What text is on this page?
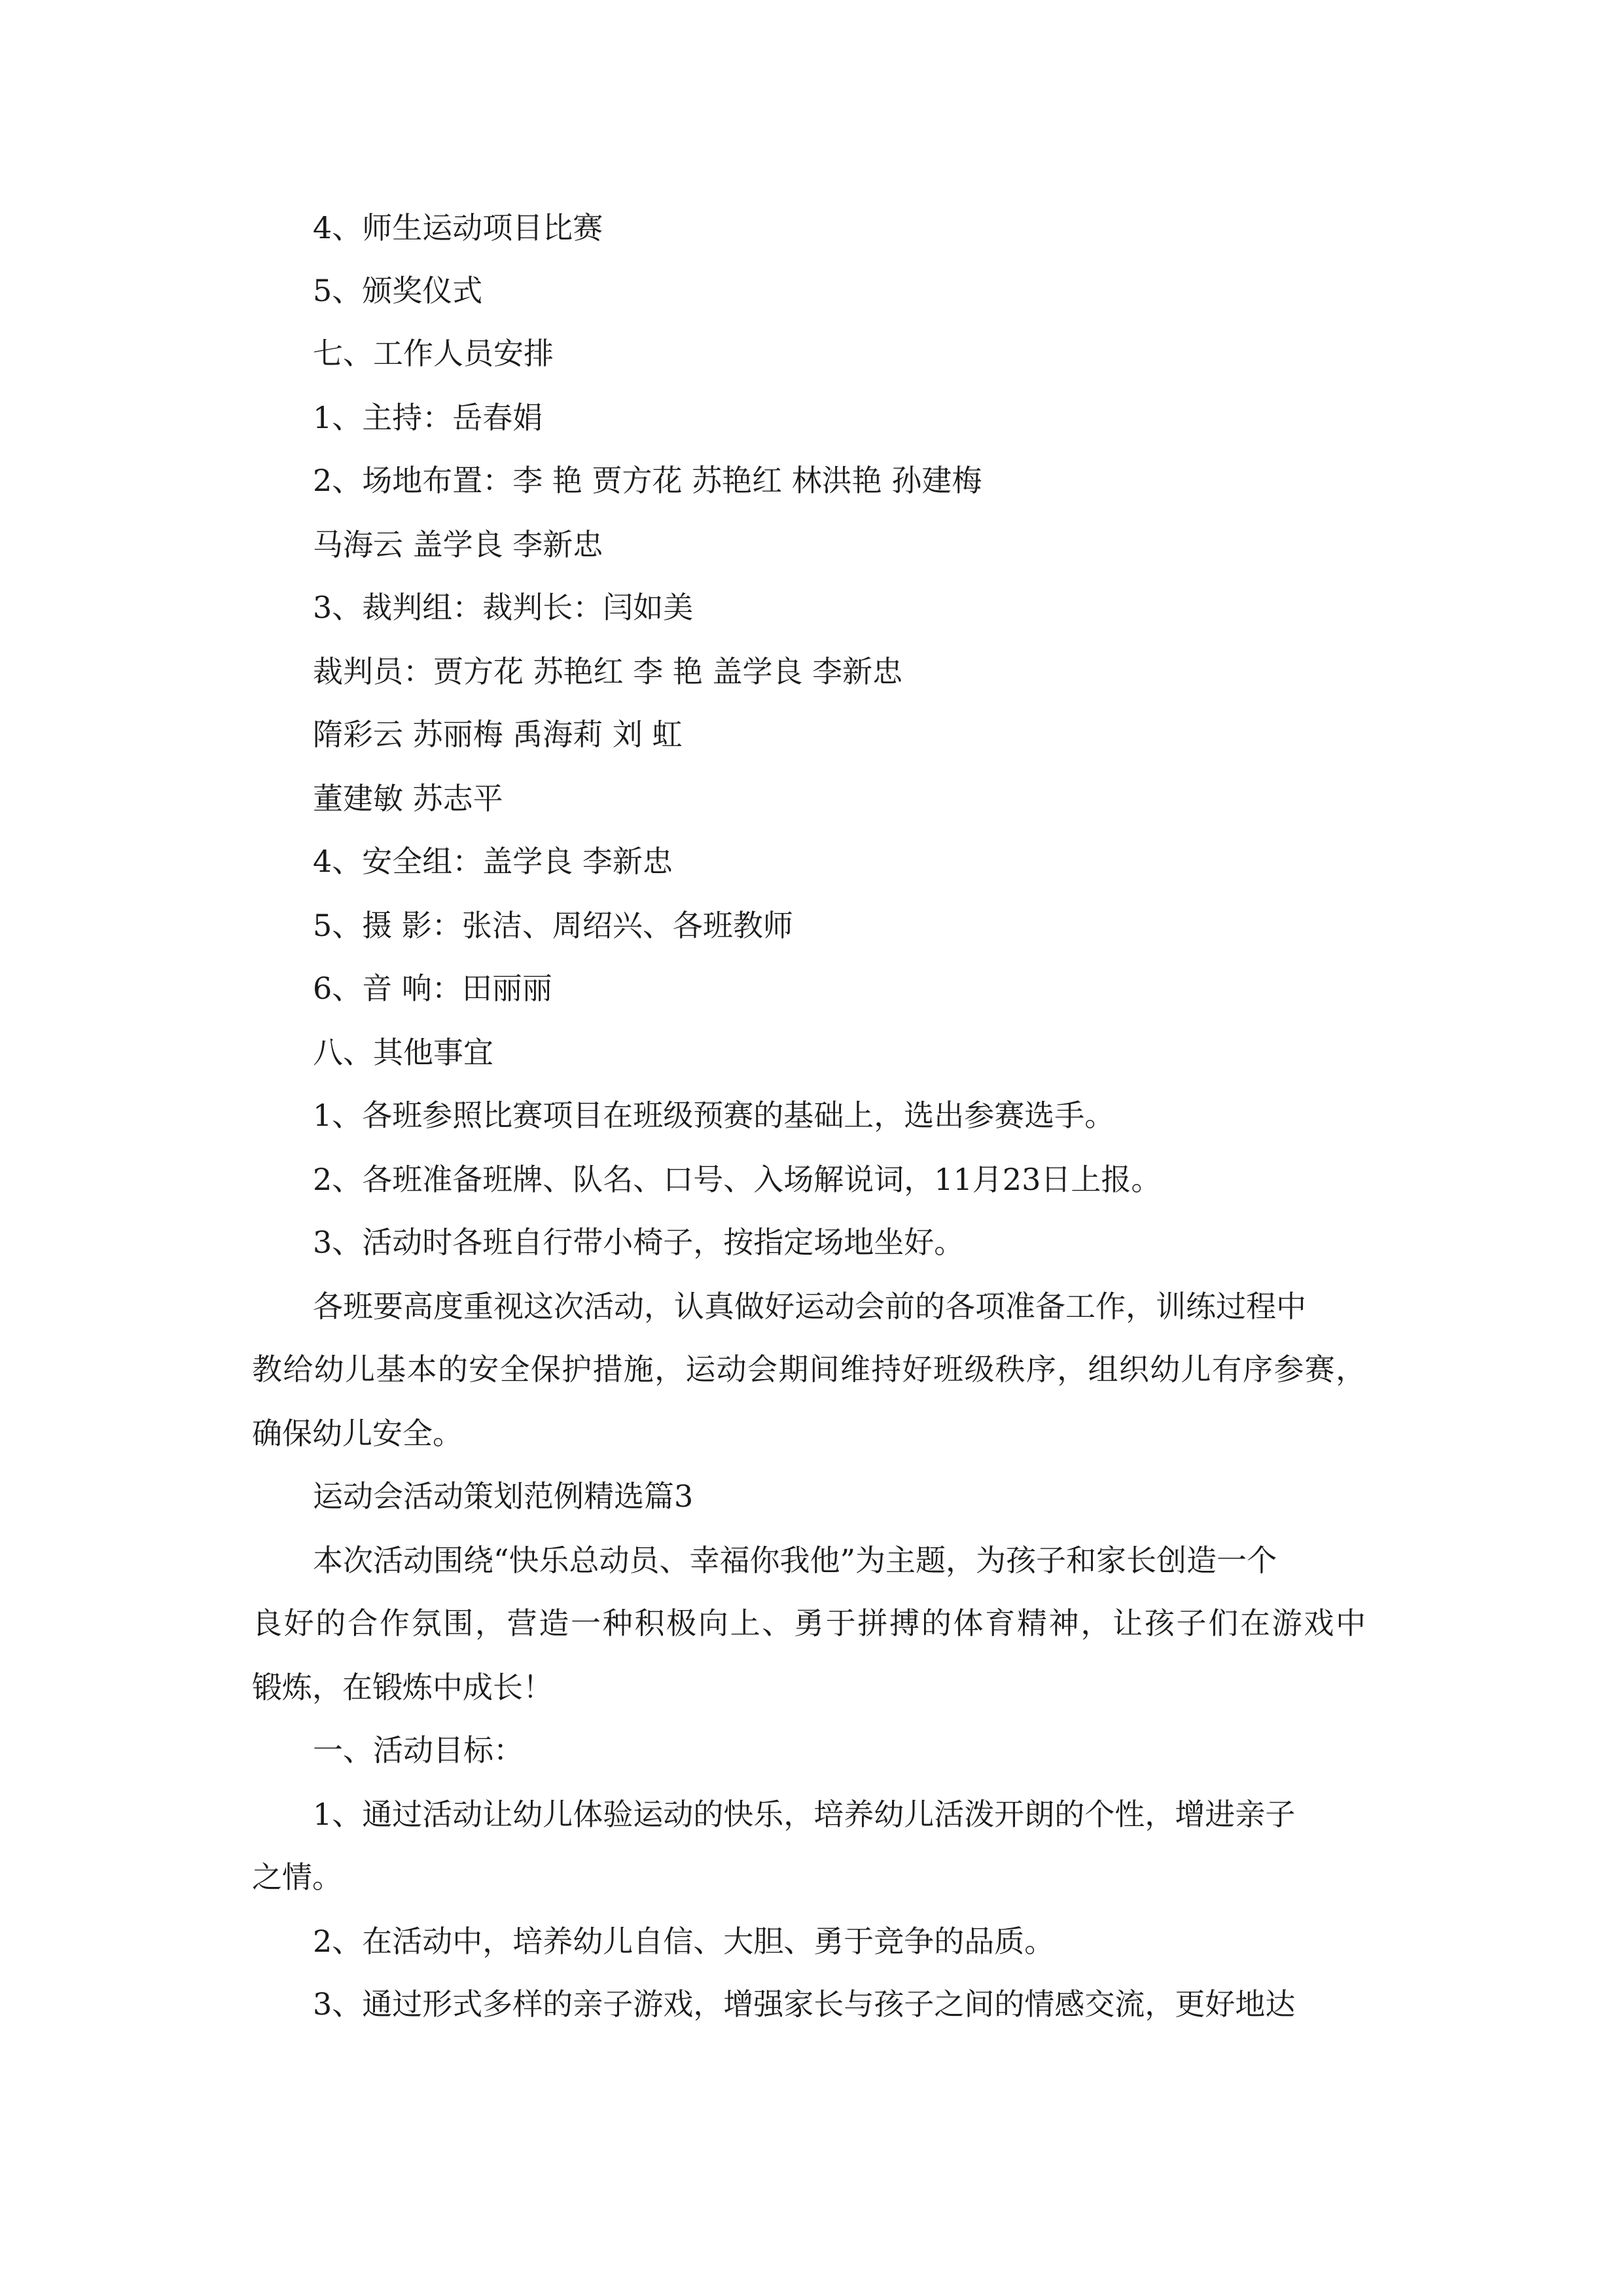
4、师生运动项目比赛
5、颁奖仪式
七、工作人员安排
1、主持：岳春娟
2、场地布置：李 艳 贾方花 苏艳红 林洪艳 孙建梅
马海云 盖学良 李新忠
3、裁判组：裁判长：闫如美
裁判员：贾方花 苏艳红 李 艳 盖学良 李新忠
隋彩云 苏丽梅 禹海莉 刘 虹
董建敏 苏志平
4、安全组：盖学良 李新忠
5、摄 影：张洁、周绍兴、各班教师
6、音 响：田丽丽
八、其他事宜
1、各班参照比赛项目在班级预赛的基础上，选出参赛选手。
2、各班准备班牌、队名、口号、入场解说词，11月23日上报。
3、活动时各班自行带小椅子，按指定场地坐好。
各班要高度重视这次活动，认真做好运动会前的各项准备工作，训练过程中
教给幼儿基本的安全保护措施，运动会期间维持好班级秩序，组织幼儿有序参赛，
确保幼儿安全。
运动会活动策划范例精选篇3
本次活动围绕“快乐总动员、幸福你我他”为主题，为孩子和家长创造一个
良好的合作氛围，营造一种积极向上、勇于拼搏的体育精神，让孩子们在游戏中
锻炼，在锻炼中成长！
一、活动目标：
1、通过活动让幼儿体验运动的快乐，培养幼儿活泼开朗的个性，增进亲子
之情。
2、在活动中，培养幼儿自信、大胆、勇于竞争的品质。
3、通过形式多样的亲子游戏，增强家长与孩子之间的情感交流，更好地达
